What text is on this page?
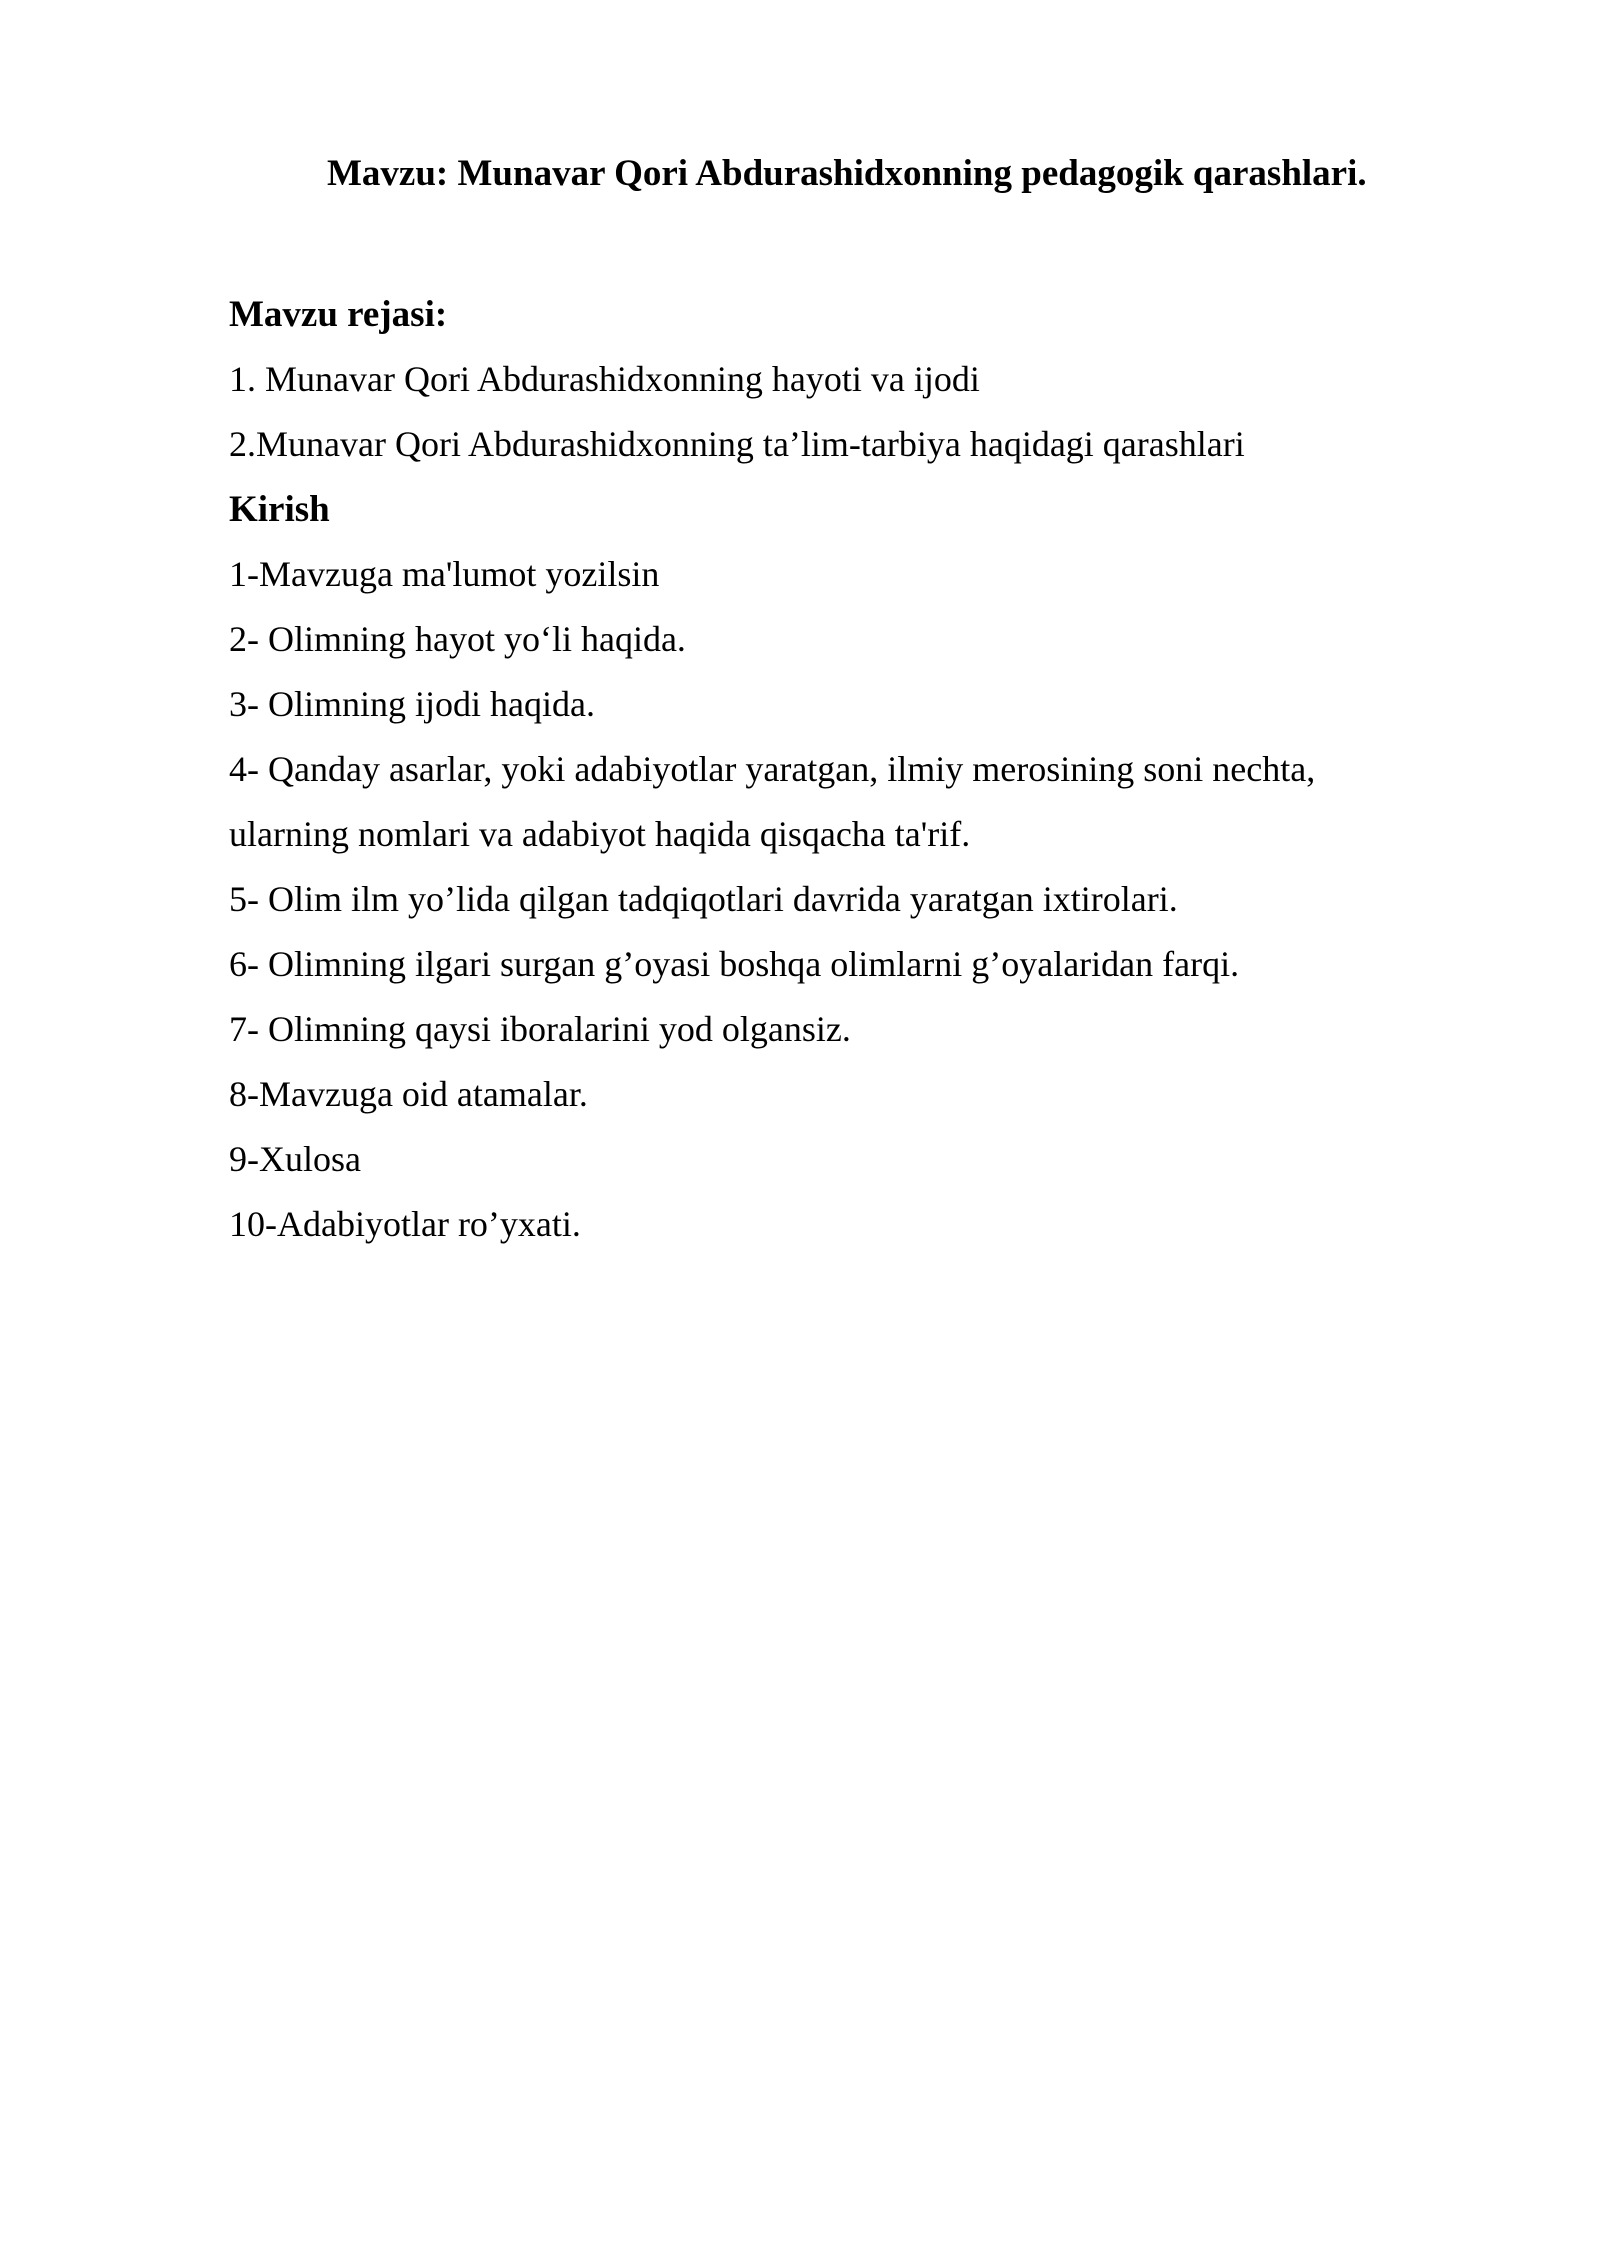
Mavzu: Munavar Qori Abdurashidxonning pedagogik qarashlari.
Mavzu rejasi:
1. Munavar Qori Abdurashidxonning hayoti va ijodi
2.Munavar Qori Abdurashidxonning ta’lim-tarbiya haqidagi qarashlari
Kirish
1-Mavzuga ma'lumot yozilsin
2- Olimning hayot yo‘li haqida.
3- Olimning ijodi haqida.
4- Qanday asarlar, yoki adabiyotlar yaratgan, ilmiy merosining soni nechta,
ularning nomlari va adabiyot haqida qisqacha ta'rif.
5- Olim ilm yo’lida qilgan tadqiqotlari davrida yaratgan ixtirolari.
6- Olimning ilgari surgan g’oyasi boshqa olimlarni g’oyalaridan farqi.
7- Olimning qaysi iboralarini yod olgansiz.
8-Mavzuga oid atamalar.
9-Xulosa
10-Adabiyotlar ro’yxati.
